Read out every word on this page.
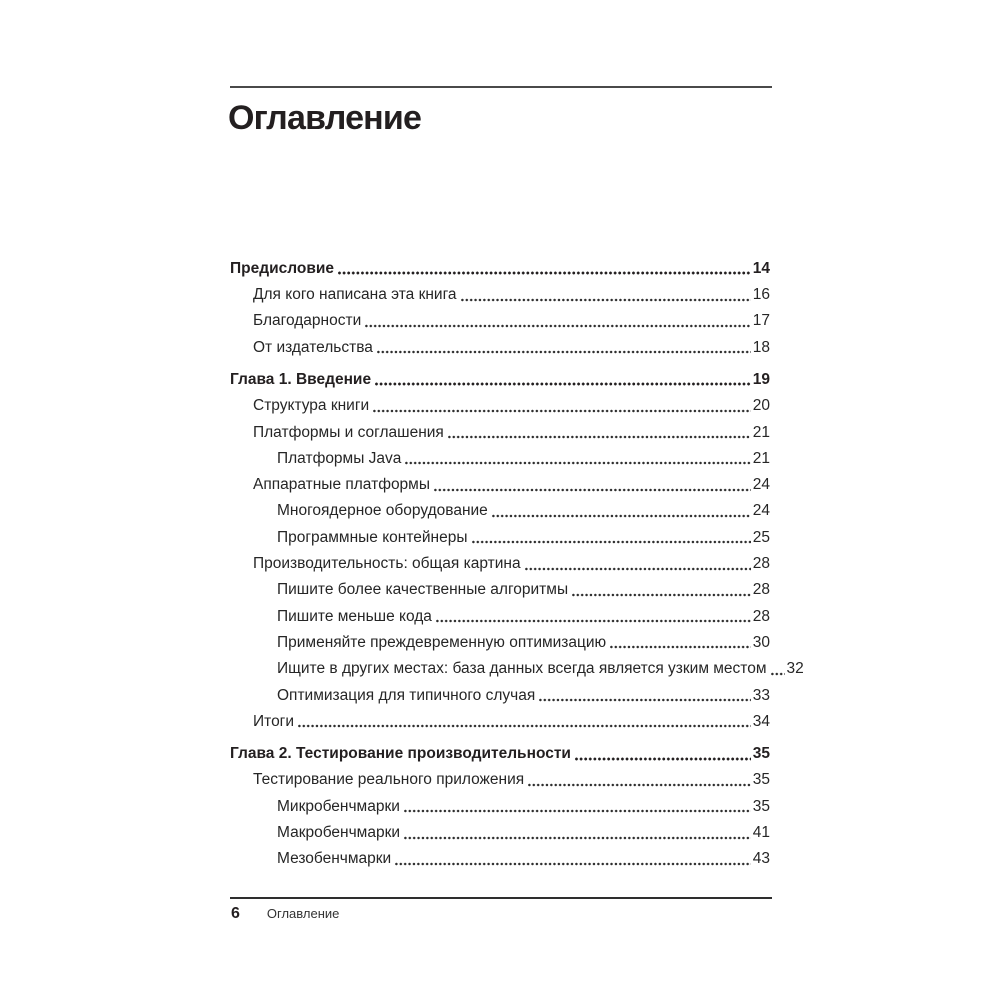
Оглавление
Предисловие	14
Для кого написана эта книга	16
Благодарности	17
От издательства	18
Глава 1. Введение	19
Структура книги	20
Платформы и соглашения	21
Платформы Java	21
Аппаратные платформы	24
Многоядерное оборудование	24
Программные контейнеры	25
Производительность: общая картина	28
Пишите более качественные алгоритмы	28
Пишите меньше кода	28
Применяйте преждевременную оптимизацию	30
Ищите в других местах: база данных всегда является узким местом 32
Оптимизация для типичного случая	33
Итоги	34
Глава 2. Тестирование производительности	35
Тестирование реального приложения	35
Микробенчмарки	35
Макробенчмарки	41
Мезобенчмарки	43
6 Оглавление
